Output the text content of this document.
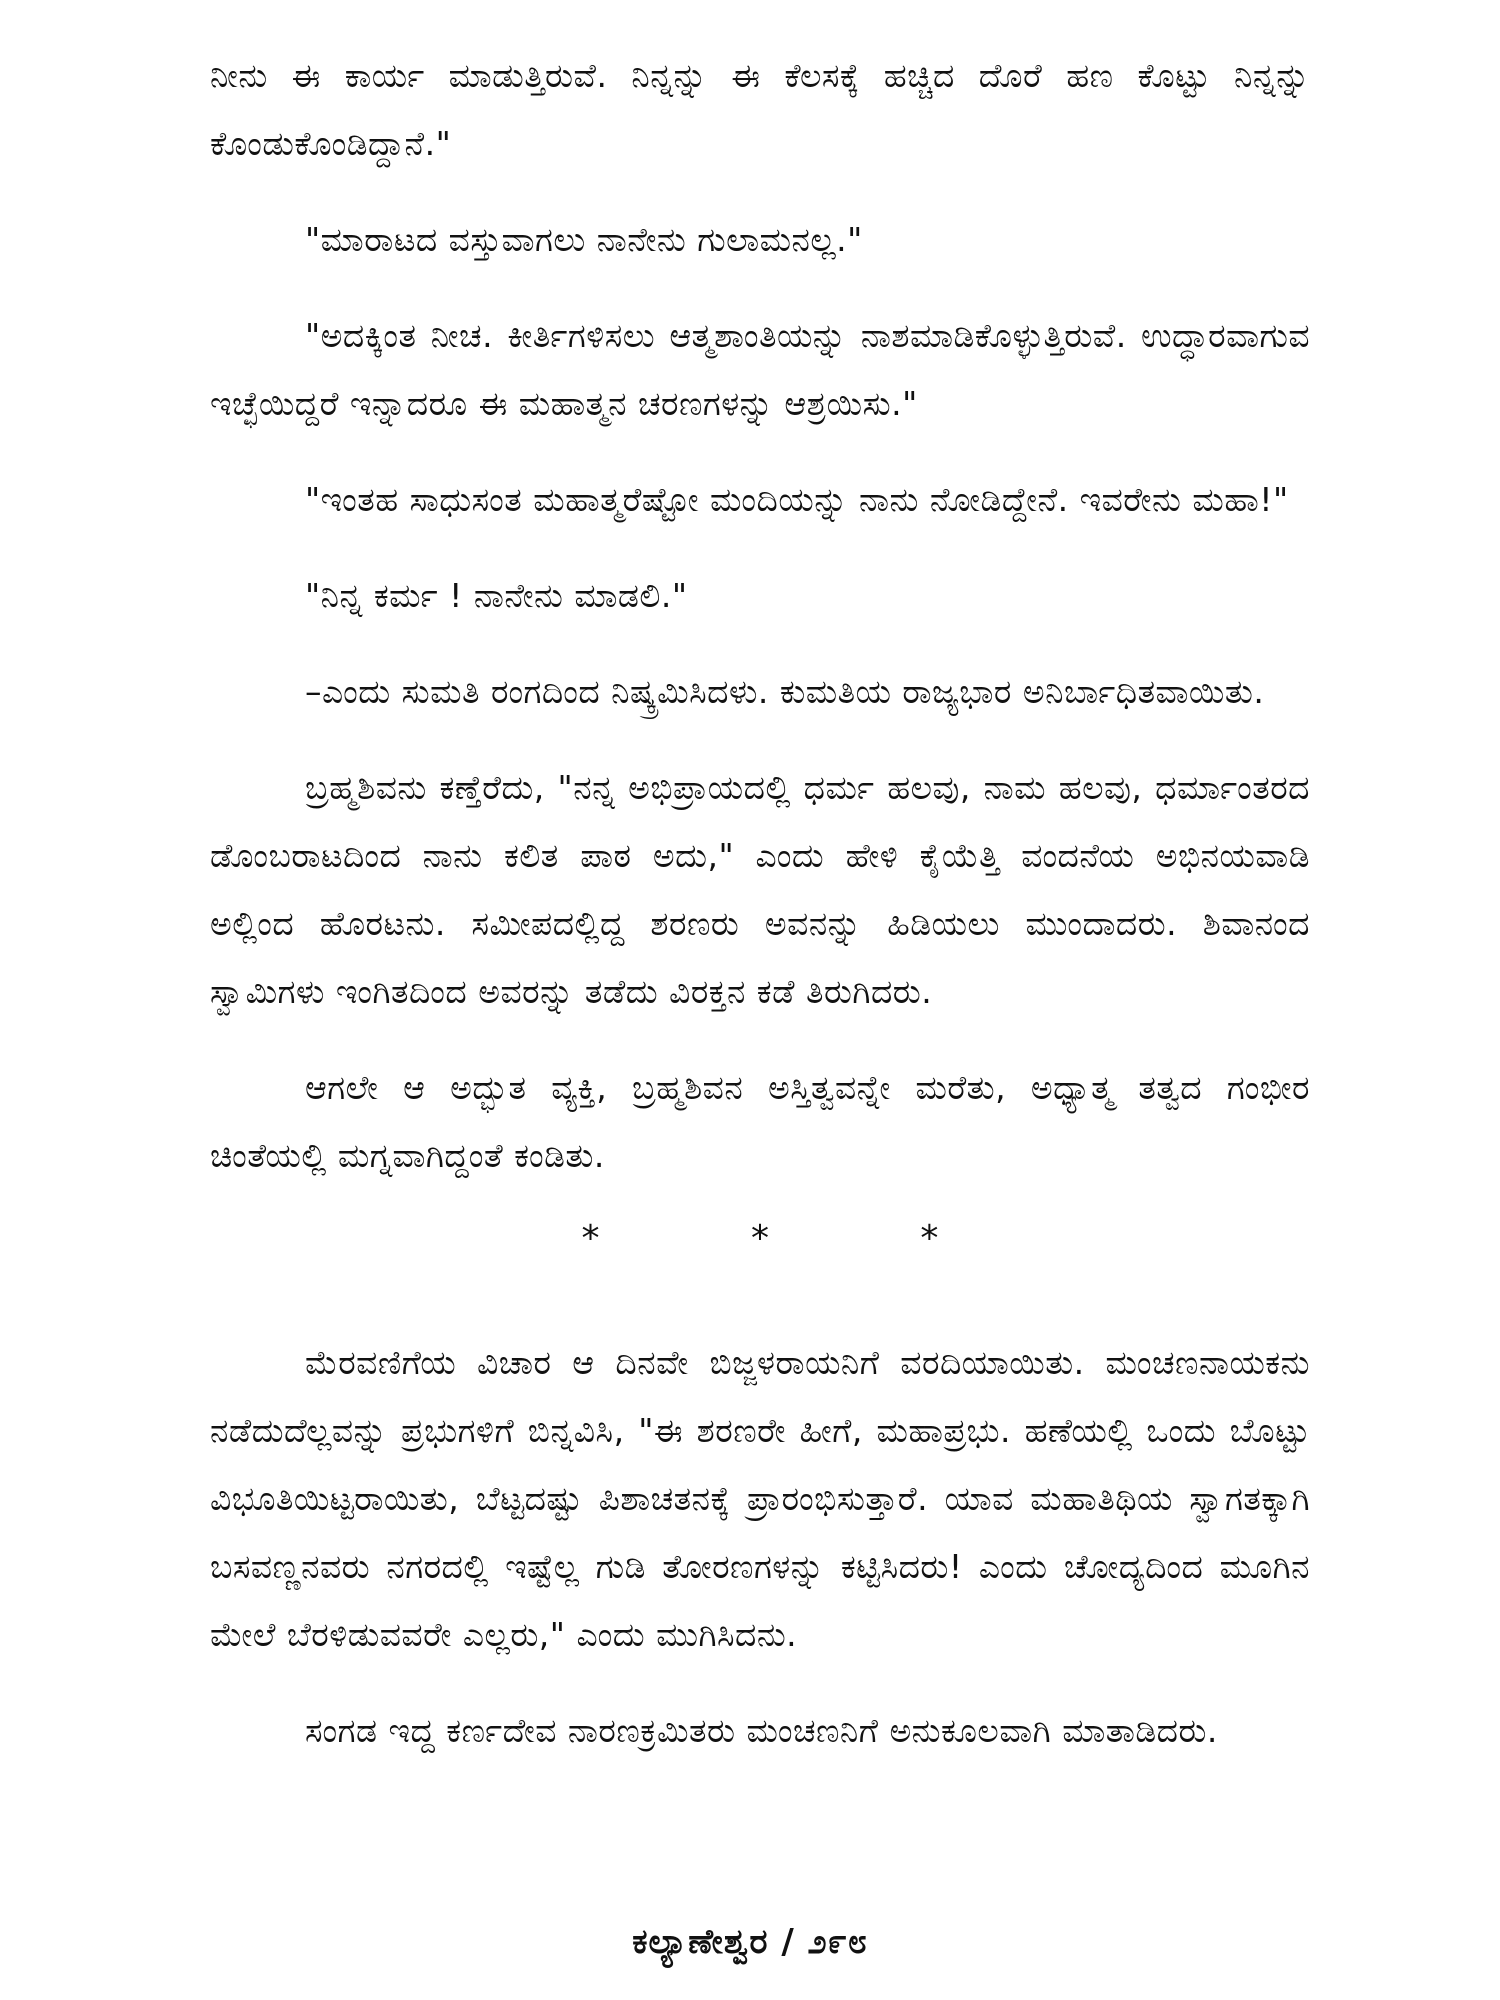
ನೀನು ಈ ಕಾರ್ಯ ಮಾಡುತ್ತಿರುವೆ. ನಿನ್ನನ್ನು ಈ ಕೆಲಸಕ್ಕೆ ಹಚ್ಚಿದ ದೊರೆ ಹಣ ಕೊಟ್ಟು ನಿನ್ನನ್ನು ಕೊಂಡುಕೊಂಡಿದ್ದಾನೆ."

"ಮಾರಾಟದ ವಸ್ತುವಾಗಲು ನಾನೇನು ಗುಲಾಮನಲ್ಲ."

"ಅದಕ್ಕಿಂತ ನೀಚ. ಕೀರ್ತಿಗಳಿಸಲು ಆತ್ಮಶಾಂತಿಯನ್ನು ನಾಶಮಾಡಿಕೊಳ್ಳುತ್ತಿರುವೆ. ಉದ್ಧಾರವಾಗುವ ಇಚ್ಛೆಯಿದ್ದರೆ ಇನ್ನಾದರೂ ಈ ಮಹಾತ್ಮನ ಚರಣಗಳನ್ನು ಆಶ್ರಯಿಸು."

"ಇಂತಹ ಸಾಧುಸಂತ ಮಹಾತ್ಮರೆಷ್ಟೋ ಮಂದಿಯನ್ನು ನಾನು ನೋಡಿದ್ದೇನೆ. ಇವರೇನು ಮಹಾ!"

"ನಿನ್ನ ಕರ್ಮ ! ನಾನೇನು ಮಾಡಲಿ."

–ಎಂದು ಸುಮತಿ ರಂಗದಿಂದ ನಿಷ್ಕ್ರಮಿಸಿದಳು. ಕುಮತಿಯ ರಾಜ್ಯಭಾರ ಅನಿರ್ಬಾಧಿತವಾಯಿತು.

ಬ್ರಹ್ಮಶಿವನು ಕಣ್ತೆರೆದು, "ನನ್ನ ಅಭಿಪ್ರಾಯದಲ್ಲಿ ಧರ್ಮ ಹಲವು, ನಾಮ ಹಲವು, ಧರ್ಮಾಂತರದ ಡೊಂಬರಾಟದಿಂದ ನಾನು ಕಲಿತ ಪಾಠ ಅದು," ಎಂದು ಹೇಳಿ ಕೈಯೆತ್ತಿ ವಂದನೆಯ ಅಭಿನಯವಾಡಿ ಅಲ್ಲಿಂದ ಹೊರಟನು. ಸಮೀಪದಲ್ಲಿದ್ದ ಶರಣರು ಅವನನ್ನು ಹಿಡಿಯಲು ಮುಂದಾದರು. ಶಿವಾನಂದ ಸ್ವಾಮಿಗಳು ಇಂಗಿತದಿಂದ ಅವರನ್ನು ತಡೆದು ವಿರಕ್ತನ ಕಡೆ ತಿರುಗಿದರು.

ಆಗಲೇ ಆ ಅದ್ಭುತ ವ್ಯಕ್ತಿ, ಬ್ರಹ್ಮಶಿವನ ಅಸ್ತಿತ್ವವನ್ನೇ ಮರೆತು, ಅಧ್ಯಾತ್ಮ ತತ್ವದ ಗಂಭೀರ ಚಿಂತೆಯಲ್ಲಿ ಮಗ್ನವಾಗಿದ್ದಂತೆ ಕಂಡಿತು.

* * *

ಮೆರವಣಿಗೆಯ ವಿಚಾರ ಆ ದಿನವೇ ಬಿಜ್ಜಳರಾಯನಿಗೆ ವರದಿಯಾಯಿತು. ಮಂಚಣನಾಯಕನು ನಡೆದುದೆಲ್ಲವನ್ನು ಪ್ರಭುಗಳಿಗೆ ಬಿನ್ನವಿಸಿ, "ಈ ಶರಣರೇ ಹೀಗೆ, ಮಹಾಪ್ರಭು. ಹಣೆಯಲ್ಲಿ ಒಂದು ಬೊಟ್ಟು ವಿಭೂತಿಯಿಟ್ಟರಾಯಿತು, ಬೆಟ್ಟದಷ್ಟು ಪಿಶಾಚತನಕ್ಕೆ ಪ್ರಾರಂಭಿಸುತ್ತಾರೆ. ಯಾವ ಮಹಾತಿಥಿಯ ಸ್ವಾಗತಕ್ಕಾಗಿ ಬಸವಣ್ಣನವರು ನಗರದಲ್ಲಿ ಇಷ್ಟೆಲ್ಲ ಗುಡಿ ತೋರಣಗಳನ್ನು ಕಟ್ಟಿಸಿದರು! ಎಂದು ಚೋದ್ಯದಿಂದ ಮೂಗಿನ ಮೇಲೆ ಬೆರಳಿಡುವವರೇ ಎಲ್ಲರು," ಎಂದು ಮುಗಿಸಿದನು.

ಸಂಗಡ ಇದ್ದ ಕರ್ಣದೇವ ನಾರಣಕ್ರಮಿತರು ಮಂಚಣನಿಗೆ ಅನುಕೂಲವಾಗಿ ಮಾತಾಡಿದರು.

ಕಲ್ಯಾಣೇಶ್ವರ / ೨೯೮
